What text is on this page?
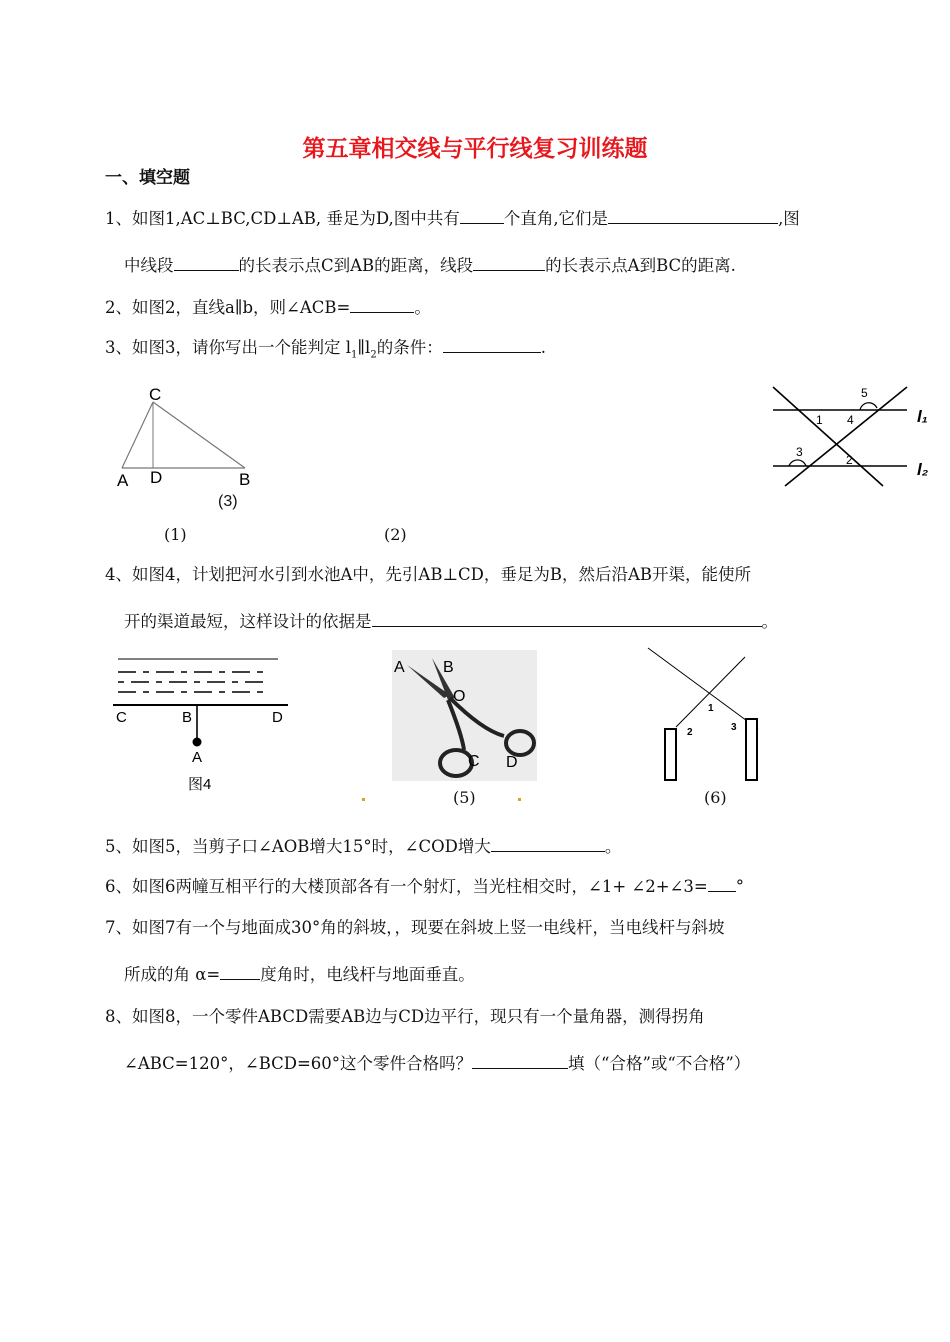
第五章相交线与平行线复习训练题
一、填空题
1、如图1,AC⊥BC,CD⊥AB, 垂足为D,图中共有	个直角,它们是	,图
中线段	的长表示点C到AB的距离，线段	的长表示点A到BC的距离.
2、如图2，直线a∥b，则∠ACB=	。
3、如图3，请你写出一个能判定 $l_1\parallel l_2$的条件：	.
C
A D	B
(3)
(1)	(2)
1 4
5
3
2
l₁
l₂
4、如图4，计划把河水引到水池A中，先引AB⊥CD，垂足为B，然后沿AB开渠，能使所
开的渠道最短，这样设计的依据是	。
C	B	D
A
图4
A B
O
C D
(5)
1
2	3
(6)
5、如图5，当剪子口∠AOB增大15°时，∠COD增大	。
6、如图6两幢互相平行的大楼顶部各有一个射灯，当光柱相交时，∠1+ ∠2+∠3= °
7、如图7有一个与地面成30°角的斜坡，，现要在斜坡上竖一电线杆，当电线杆与斜坡
所成的角 α= 度角时，电线杆与地面垂直。
8、如图8，一个零件ABCD需要AB边与CD边平行，现只有一个量角器，测得拐角
∠ABC=120°，∠BCD=60°这个零件合格吗？	填（“合格”或“不合格”）
